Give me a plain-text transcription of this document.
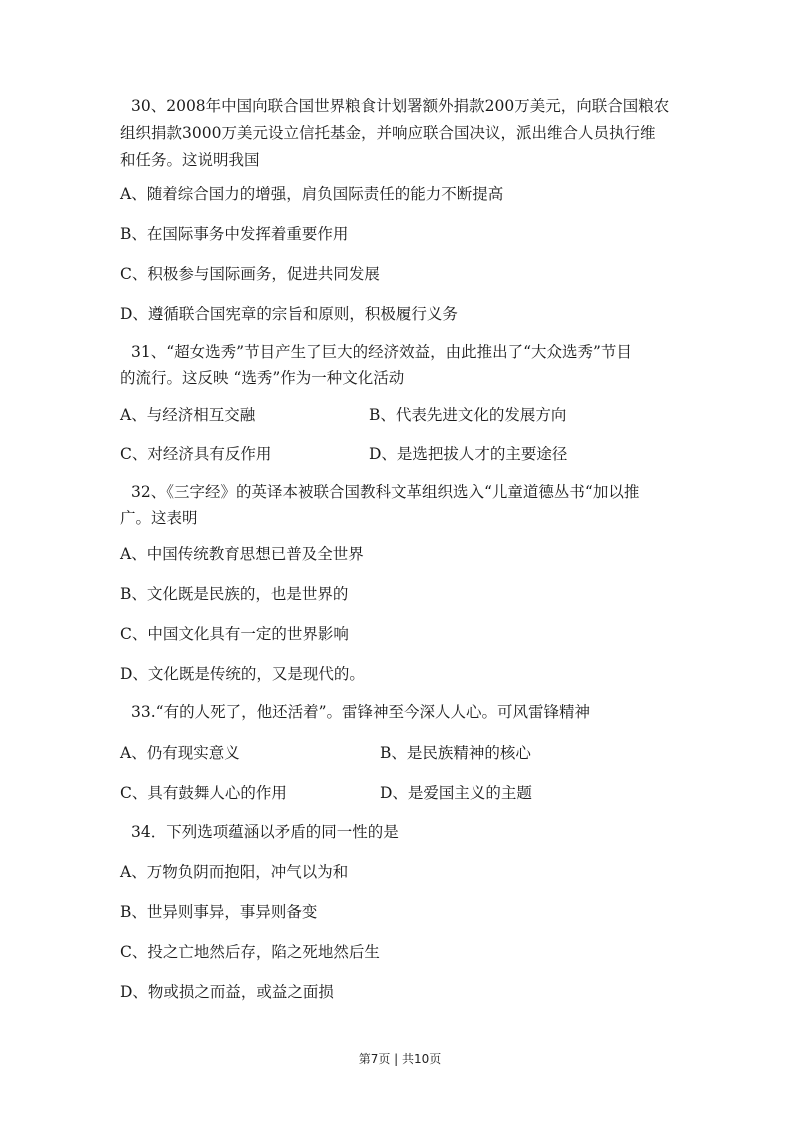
30、2008年中国向联合国世界粮食计划署额外捐款200万美元，向联合国粮农
组织捐款3000万美元设立信托基金，并响应联合国决议，派出维合人员执行维
和任务。这说明我国
A、随着综合国力的增强，肩负国际责任的能力不断提高
B、在国际事务中发挥着重要作用
C、积极参与国际画务，促进共同发展
D、遵循联合国宪章的宗旨和原则，积极履行义务
31、“超女选秀”节目产生了巨大的经济效益，由此推出了“大众选秀”节目
的流行。这反映 “选秀”作为一种文化活动
A、与经济相互交融	B、代表先进文化的发展方向
C、对经济具有反作用	D、是选把拔人才的主要途径
32、《三字经》的英译本被联合国教科文革组织选入“儿童道德丛书“加以推
广。这表明
A、中国传统教育思想已普及全世界
B、文化既是民族的，也是世界的
C、中国文化具有一定的世界影响
D、文化既是传统的，又是现代的。
33.“有的人死了，他还活着”。雷锋神至今深人人心。可风雷锋精神
A、仍有现实意义	B、是民族精神的核心
C、具有鼓舞人心的作用	D、是爱国主义的主题
34．下列选项蕴涵以矛盾的同一性的是
A、万物负阴而抱阳，冲气以为和
B、世异则事异，事异则备变
C、投之亡地然后存，陷之死地然后生
D、物或损之而益，或益之面损
第7页 | 共10页
